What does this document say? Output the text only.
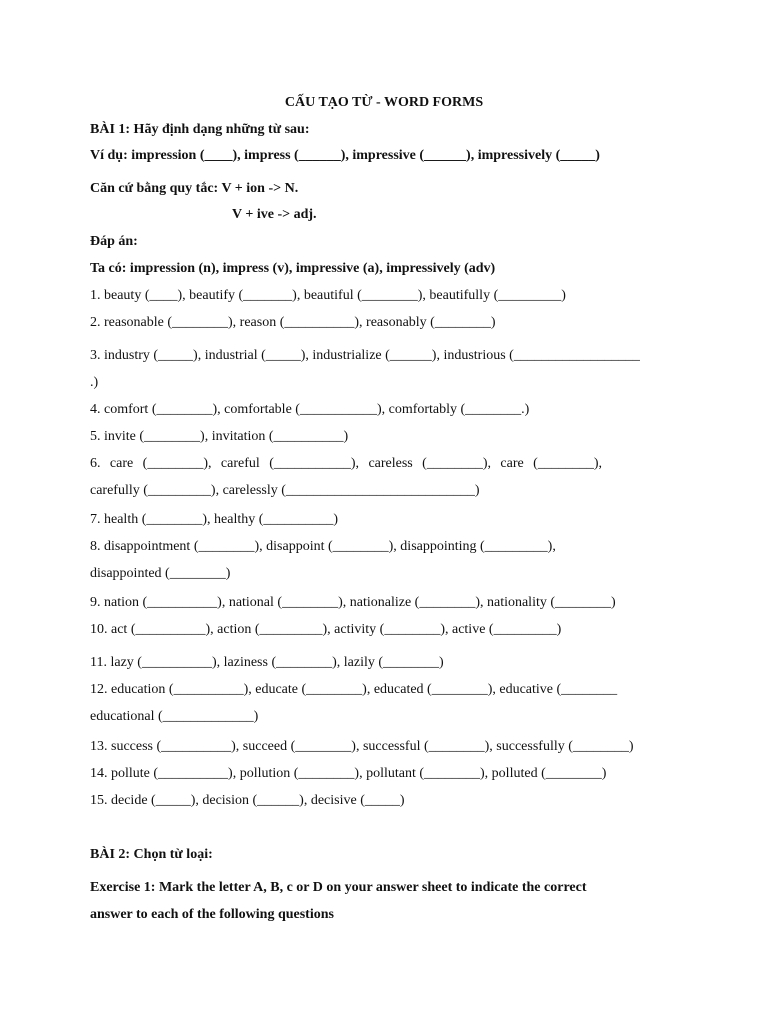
CẤU TẠO TỪ - WORD FORMS
BÀI 1: Hãy định dạng những từ sau:
Ví dụ: impression (____), impress (______), impressive (______), impressively (_____)
Căn cứ bằng quy tắc: V + ion -> N.
V + ive -> adj.
Đáp án:
Ta có: impression (n), impress (v), impressive (a), impressively (adv)
1. beauty (____), beautify (_______), beautiful (________), beautifully (_________)
2. reasonable (________), reason (__________), reasonably (________)
3. industry (_____), industrial (_____), industrialize (______), industrious (__________________
.)
4. comfort (________), comfortable (___________), comfortably (________.)
5. invite (________), invitation (__________)
6. care (________), careful (___________), careless (________), care (________),
carefully (_________), carelessly (___________________________)
7. health (________), healthy (__________)
8. disappointment (________), disappoint (________), disappointing (_________),
disappointed (________)
9. nation (__________), national (________), nationalize (________), nationality (________)
10. act (__________), action (_________), activity (________), active (_________)
11. lazy (__________), laziness (________), lazily (________)
12. education (__________), educate (________), educated (________), educative (________
educational (_____________)
13. success (__________), succeed (________), successful (________), successfully (________)
14. pollute (__________), pollution (________), pollutant (________), polluted (________)
15. decide (_____), decision (______), decisive (_____)
BÀI 2: Chọn từ loại:
Exercise 1: Mark the letter A, B, c or D on your answer sheet to indicate the correct
answer to each of the following questions
